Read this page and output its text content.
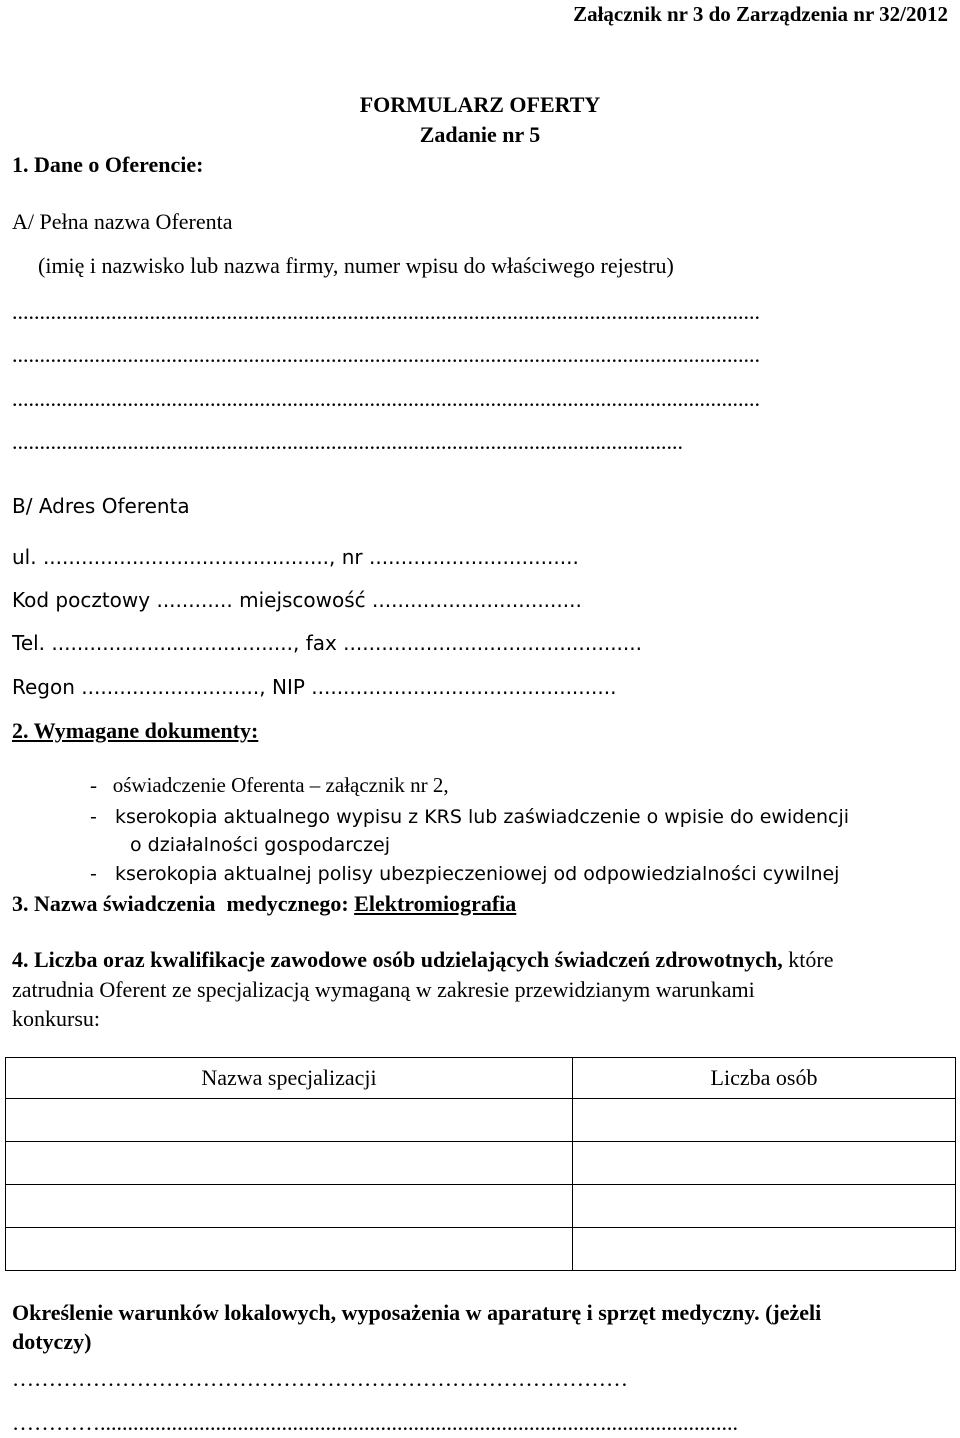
Załącznik nr 3 do Zarządzenia nr 32/2012
FORMULARZ OFERTY
Zadanie nr 5
1. Dane o Oferencie:
A/ Pełna nazwa Oferenta
(imię i nazwisko lub nazwa firmy, numer wpisu do właściwego rejestru)
........................................................................................................................................
........................................................................................................................................
........................................................................................................................................
..........................................................................................................................
B/ Adres Oferenta
ul. ............................................., nr .................................
Kod pocztowy ............ miejscowość .................................
Tel. ......................................, fax ...............................................
Regon ............................, NIP ................................................
2. Wymagane dokumenty:
-   oświadczenie Oferenta – załącznik nr 2,
-   kserokopia aktualnego wypisu z KRS lub zaświadczenie o wpisie do ewidencji
o działalności gospodarczej
-   kserokopia aktualnej polisy ubezpieczeniowej od odpowiedzialności cywilnej
3. Nazwa świadczenia  medycznego: Elektromiografia
4. Liczba oraz kwalifikacje zawodowe osób udzielających świadczeń zdrowotnych, które
zatrudnia Oferent ze specjalizacją wymaganą w zakresie przewidzianym warunkami
konkursu:
Nazwa specjalizacji	Liczba osób

Określenie warunków lokalowych, wyposażenia w aparaturę i sprzęt medyczny. (jeżeli
dotyczy)
…………………………………………………………………………
…………....................................................................................................................
